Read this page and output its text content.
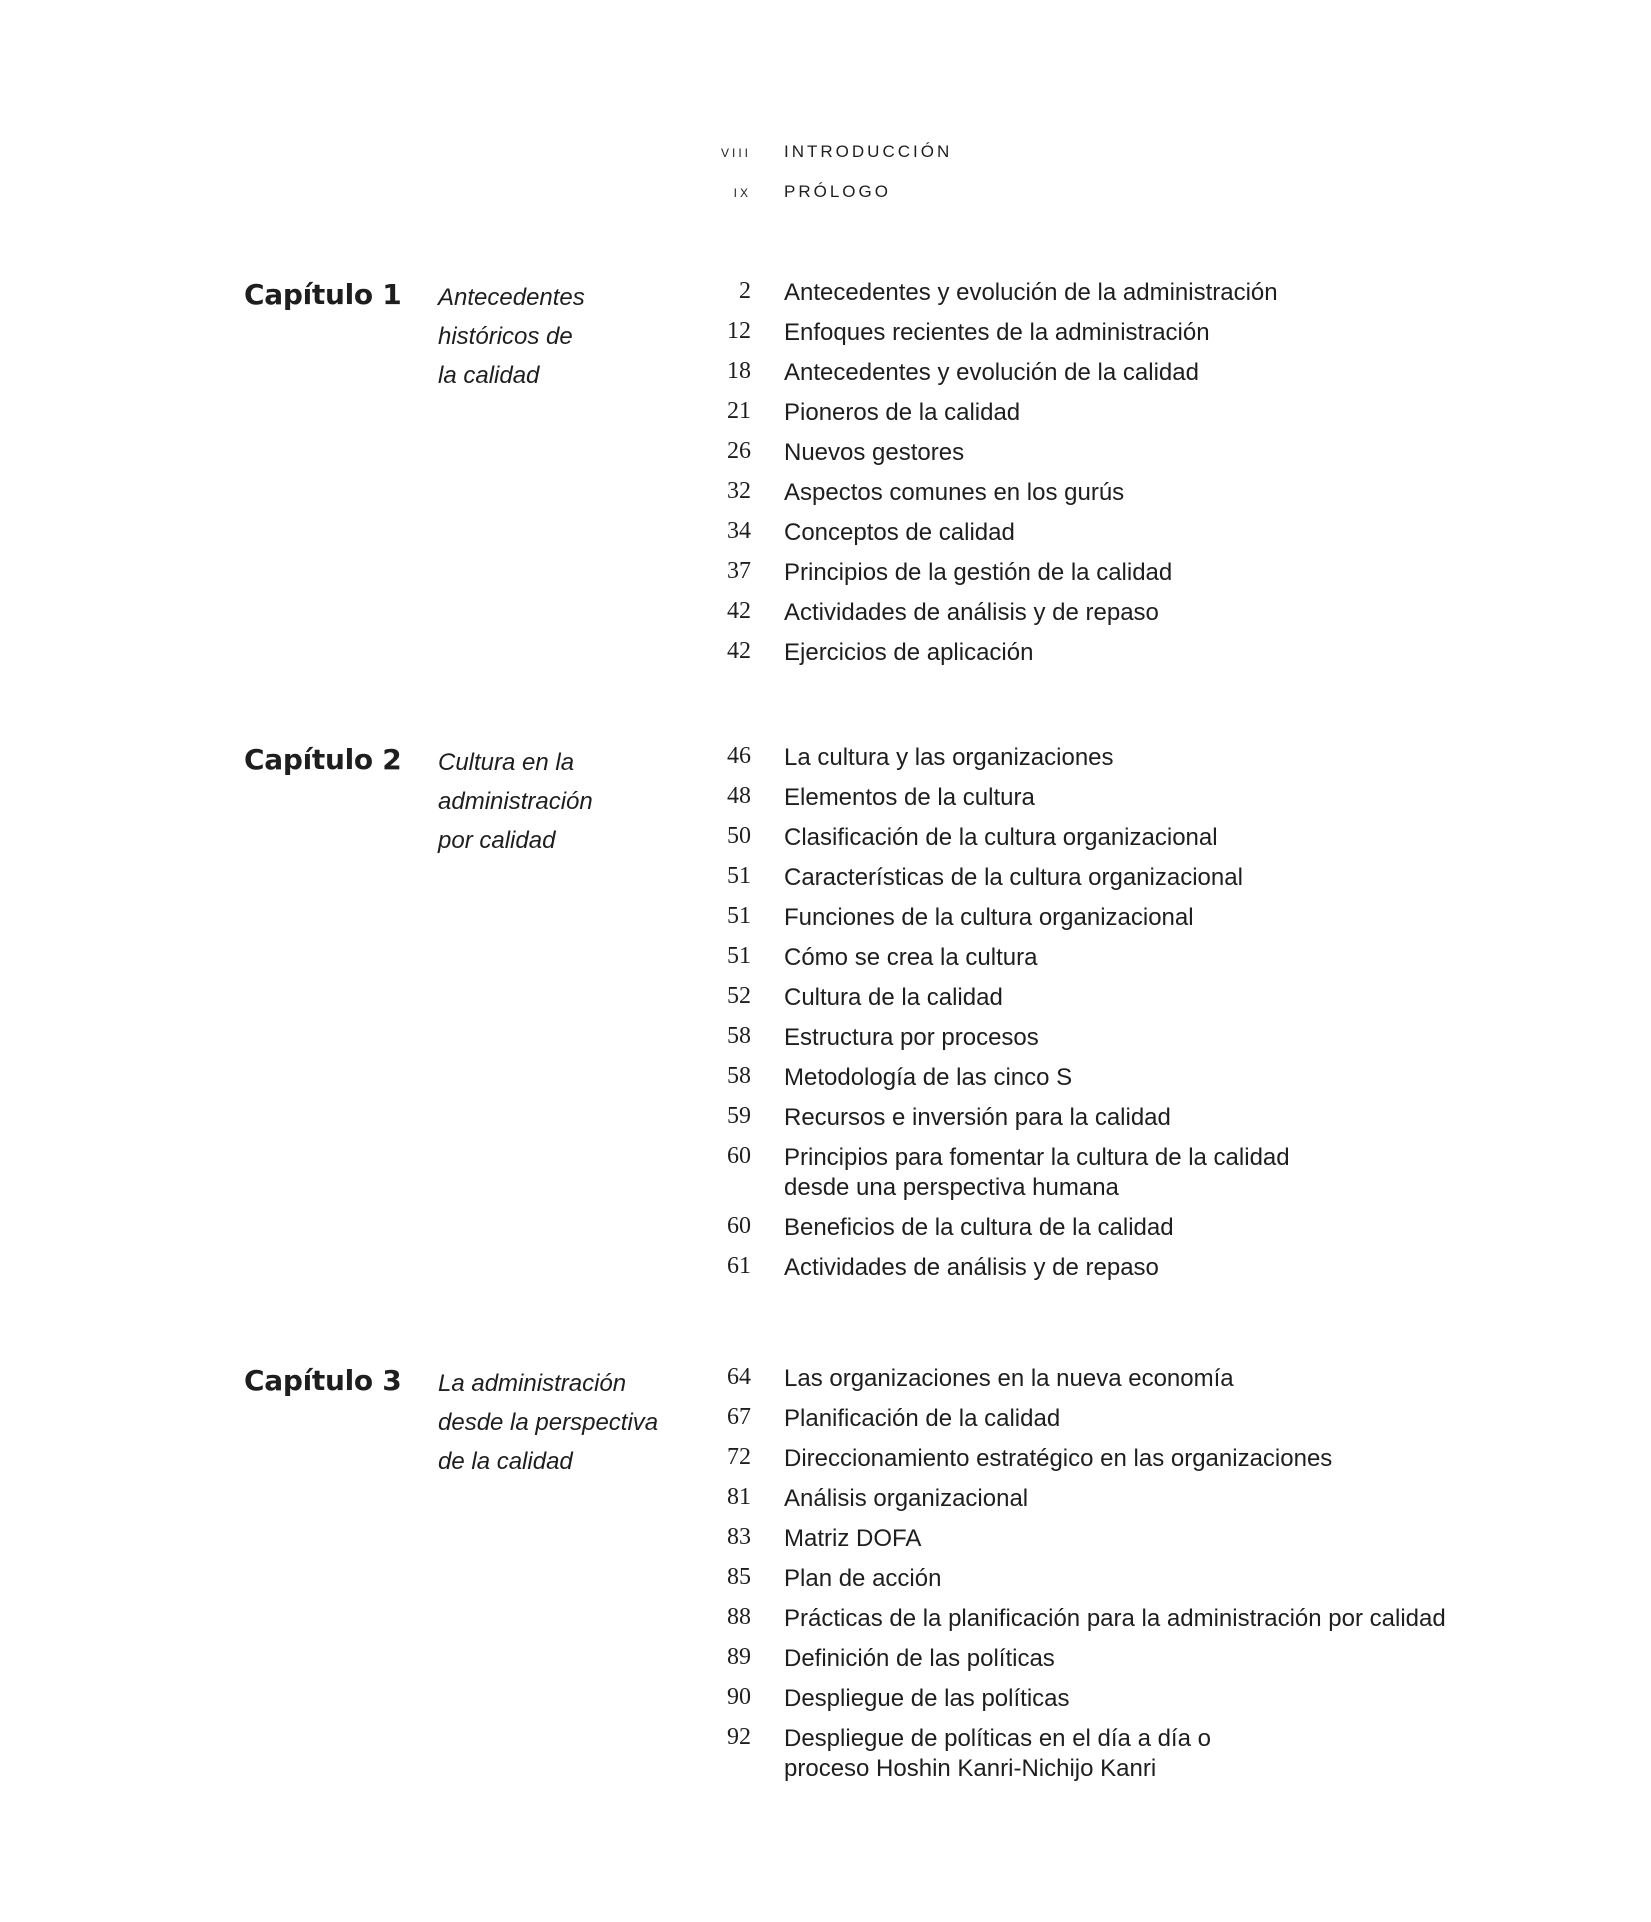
viii INTRODUCCIÓN
ix PRÓLOGO
Capítulo 1 Antecedentes
históricos de
la calidad
2 Antecedentes y evolución de la administración
12 Enfoques recientes de la administración
18 Antecedentes y evolución de la calidad
21 Pioneros de la calidad
26 Nuevos gestores
32 Aspectos comunes en los gurús
34 Conceptos de calidad
37 Principios de la gestión de la calidad
42 Actividades de análisis y de repaso
42 Ejercicios de aplicación
Capítulo 2 Cultura en la
administración
por calidad
46 La cultura y las organizaciones
48 Elementos de la cultura
50 Clasificación de la cultura organizacional
51 Características de la cultura organizacional
51 Funciones de la cultura organizacional
51 Cómo se crea la cultura
52 Cultura de la calidad
58 Estructura por procesos
58 Metodología de las cinco S
59 Recursos e inversión para la calidad
60 Principios para fomentar la cultura de la calidad
desde una perspectiva humana
60 Beneficios de la cultura de la calidad
61 Actividades de análisis y de repaso
Capítulo 3 La administración
desde la perspectiva
de la calidad
64 Las organizaciones en la nueva economía
67 Planificación de la calidad
72 Direccionamiento estratégico en las organizaciones
81 Análisis organizacional
83 Matriz DOFA
85 Plan de acción
88 Prácticas de la planificación para la administración por calidad
89 Definición de las políticas
90 Despliegue de las políticas
92 Despliegue de políticas en el día a día o
proceso Hoshin Kanri-Nichijo Kanri
